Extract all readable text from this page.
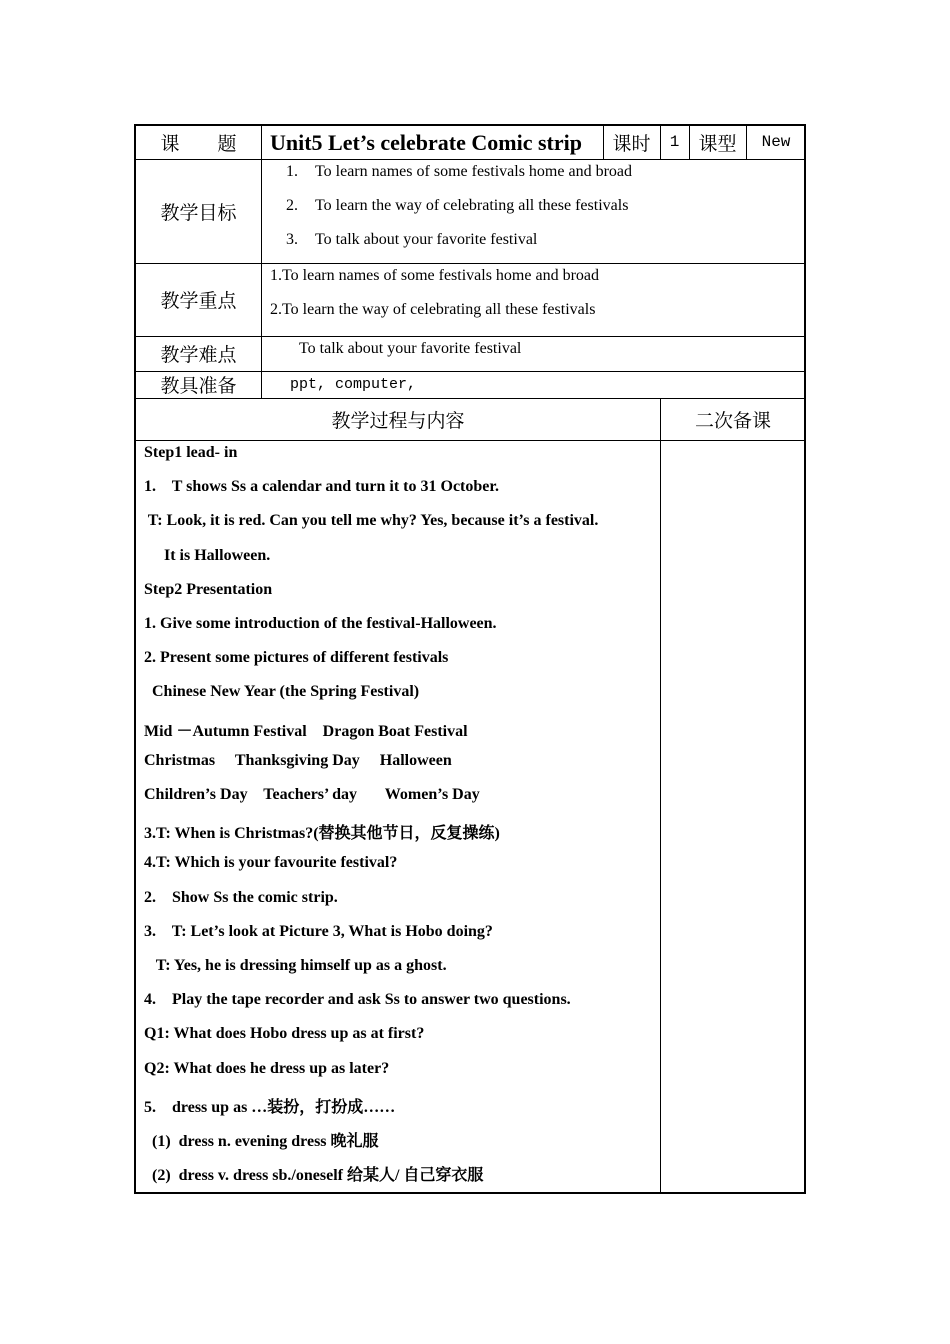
课　　题	Unit5 Let’s celebrate Comic strip	课时	1	课型	New
教学目标
1. To learn names of some festivals home and broad
2. To learn the way of celebrating all these festivals
3. To talk about your favorite festival
教学重点
1.To learn names of some festivals home and broad
2.To learn the way of celebrating all these festivals
教学难点	To talk about your favorite festival
教具准备	ppt, computer,
教学过程与内容	二次备课
Step1 lead- in
1.    T shows Ss a calendar and turn it to 31 October.
T: Look, it is red. Can you tell me why? Yes, because it’s a festival.
It is Halloween.
Step2 Presentation
1. Give some introduction of the festival-Halloween.
2. Present some pictures of different festivals
Chinese New Year (the Spring Festival)
Mid －Autumn Festival    Dragon Boat Festival
Christmas     Thanksgiving Day     Halloween
Children’s Day    Teachers’ day       Women’s Day
3.T: When is Christmas?(替换其他节日，反复操练)
4.T: Which is your favourite festival?
2.    Show Ss the comic strip.
3.    T: Let’s look at Picture 3, What is Hobo doing?
T: Yes, he is dressing himself up as a ghost.
4.    Play the tape recorder and ask Ss to answer two questions.
Q1: What does Hobo dress up as at first?
Q2: What does he dress up as later?
5.    dress up as …装扮，打扮成……
(1)  dress n. evening dress 晚礼服
(2)  dress v. dress sb./oneself 给某人/ 自己穿衣服
